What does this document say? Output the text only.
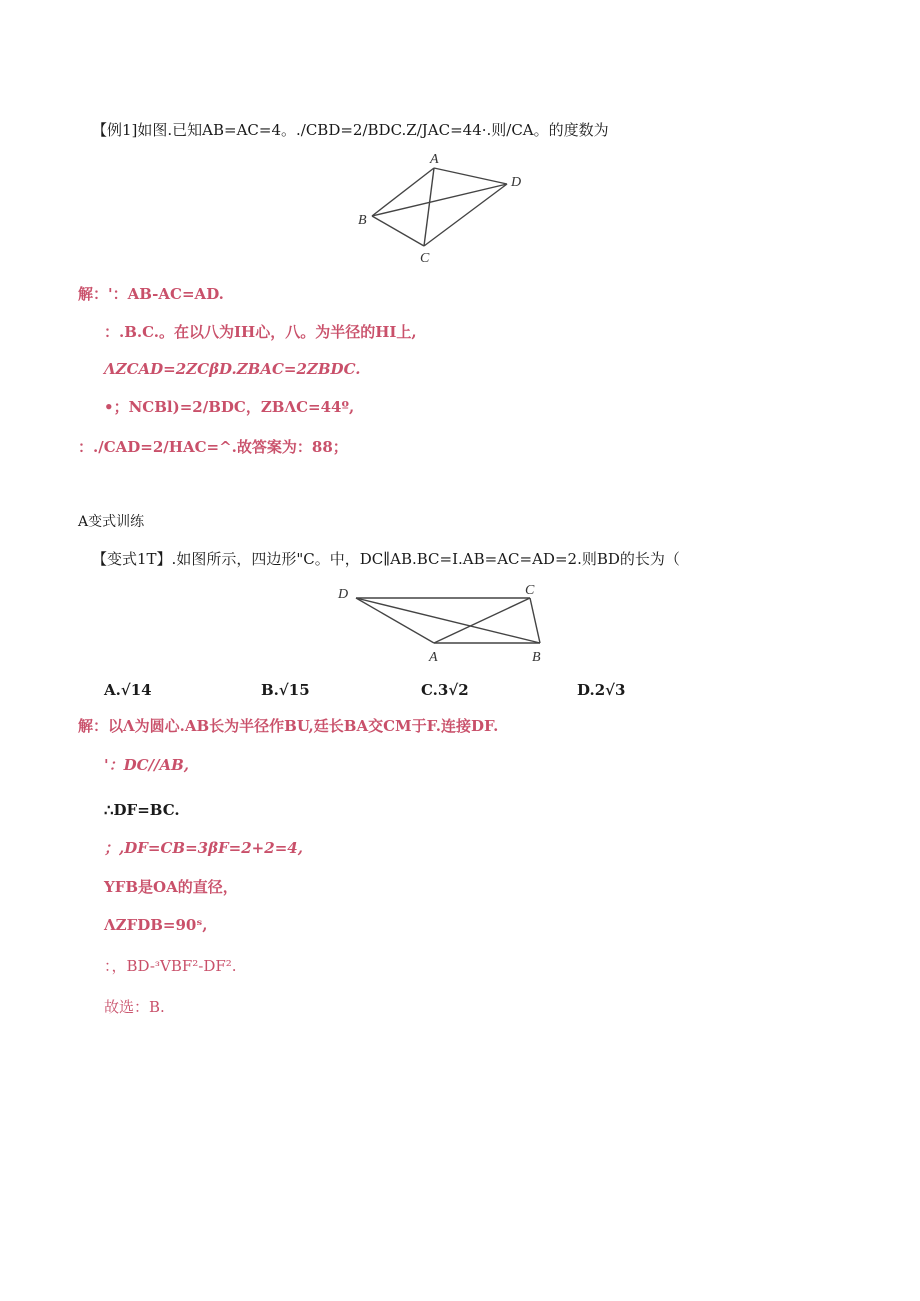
【例1]如图.已知AB=AC=4。./CBD=2/BDC.Z/JAC=44·.则/CA。的度数为
A
B
C
D
解：'：AB-AC=AD.
：.B.C.。在以八为IH心，八。为半径的HI上,
ΛZCAD=2ZCβD.ZBAC=2ZBDC.
•；NCBl)=2/BDC，ZBΛC=44º,
：./CAD=2/HAC=^.故答案为：88；
A变式训练
【变式1T】.如图所示，四边形"C。中，DC∥AB.BC=I.AB=AC=AD=2.则BD的长为（
D	C
A	B
A.√14	B.√15	C.3√2	D.2√3
解：以Λ为圆心.AB长为半径作BU,廷长BA交CM于F.连接DF.
'：DC//AB,
∴DF=BC.
；,DF=CB=3βF=2+2=4,
YFB是OA的直径，
ΛZFDB=90ˢ,
：，BD-ᵌVBF²-DF².
故选：B.
